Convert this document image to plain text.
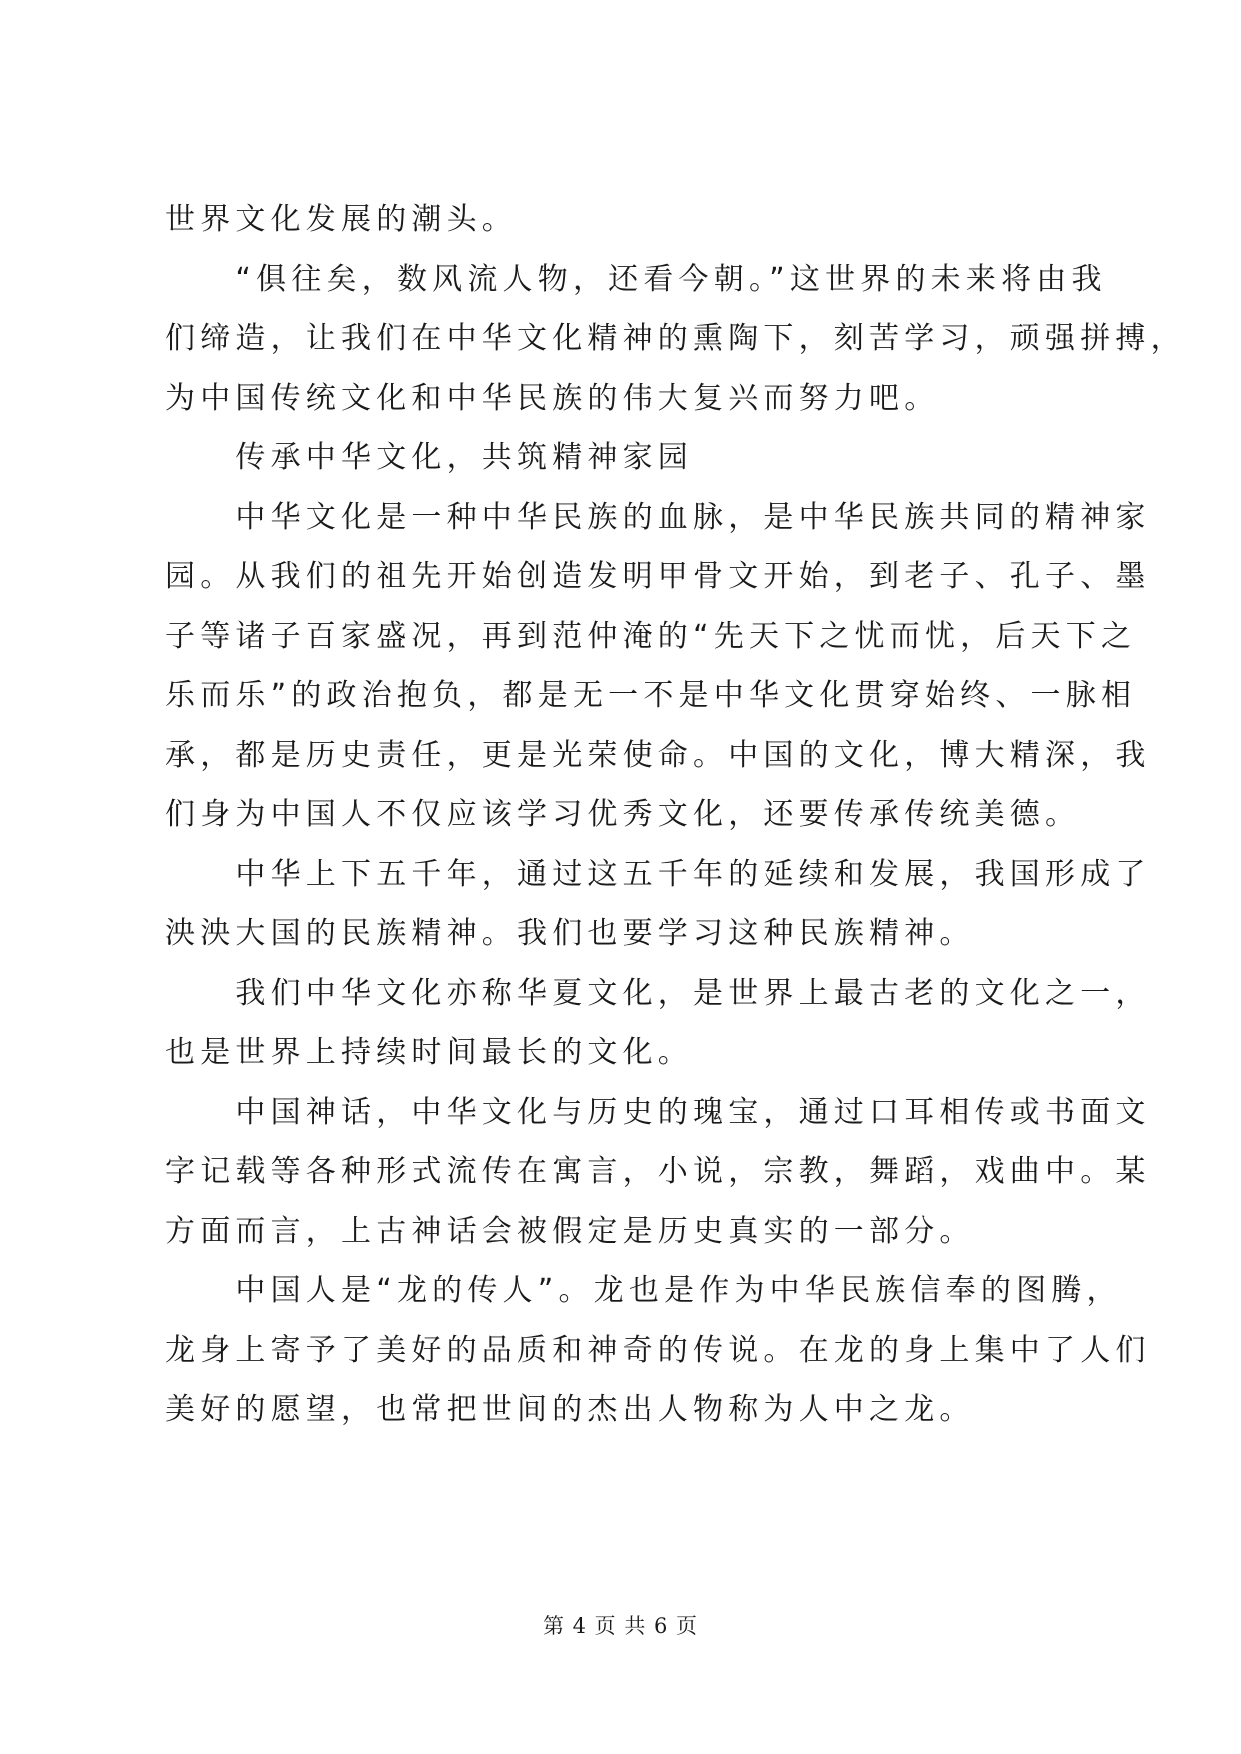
世界文化发展的潮头。

　　“俱往矣，数风流人物，还看今朝。”这世界的未来将由我

们缔造，让我们在中华文化精神的熏陶下，刻苦学习，顽强拼搏，

为中国传统文化和中华民族的伟大复兴而努力吧。

　　传承中华文化，共筑精神家园

　　中华文化是一种中华民族的血脉，是中华民族共同的精神家

园。从我们的祖先开始创造发明甲骨文开始，到老子、孔子、墨

子等诸子百家盛况，再到范仲淹的“先天下之忧而忧，后天下之

乐而乐”的政治抱负，都是无一不是中华文化贯穿始终、一脉相

承，都是历史责任，更是光荣使命。中国的文化，博大精深，我

们身为中国人不仅应该学习优秀文化，还要传承传统美德。

　　中华上下五千年，通过这五千年的延续和发展，我国形成了

泱泱大国的民族精神。我们也要学习这种民族精神。

　　我们中华文化亦称华夏文化，是世界上最古老的文化之一，

也是世界上持续时间最长的文化。

　　中国神话，中华文化与历史的瑰宝，通过口耳相传或书面文

字记载等各种形式流传在寓言，小说，宗教，舞蹈，戏曲中。某

方面而言，上古神话会被假定是历史真实的一部分。

　　中国人是“龙的传人”。龙也是作为中华民族信奉的图腾，

龙身上寄予了美好的品质和神奇的传说。在龙的身上集中了人们

美好的愿望，也常把世间的杰出人物称为人中之龙。

第 4 页 共 6 页
